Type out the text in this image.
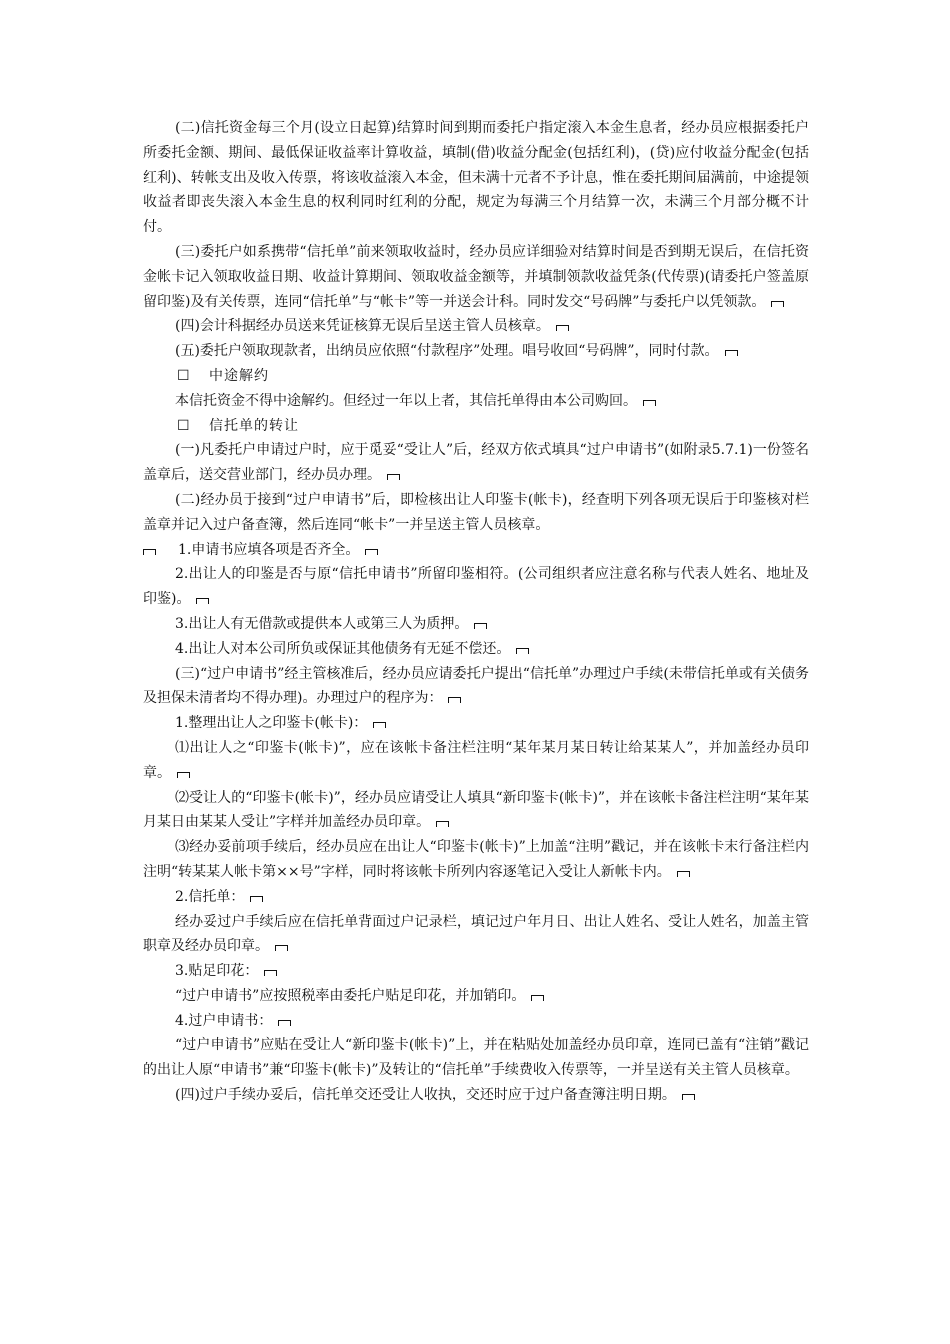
(二)信托资金每三个月(设立日起算)结算时间到期而委托户指定滚入本金生息者，经办员应根据委托户所委托金额、期间、最低保证收益率计算收益，填制(借)收益分配金(包括红利)，(贷)应付收益分配金(包括红利)、转帐支出及收入传票，将该收益滚入本金，但未满十元者不予计息，惟在委托期间届满前，中途提领收益者即丧失滚入本金生息的权利同时红利的分配，规定为每满三个月结算一次，未满三个月部分概不计付。

(三)委托户如系携带“信托单”前来领取收益时，经办员应详细验对结算时间是否到期无误后，在信托资金帐卡记入领取收益日期、收益计算期间、领取收益金额等，并填制领款收益凭条(代传票)(请委托户签盖原留印鉴)及有关传票，连同“信托单”与“帐卡”等一并送会计科。同时发交“号码牌”与委托户以凭领款。

(四)会计科据经办员送来凭证核算无误后呈送主管人员核章。

(五)委托户领取现款者，出纳员应依照“付款程序”处理。唱号收回“号码牌”，同时付款。

☐ 中途解约

本信托资金不得中途解约。但经过一年以上者，其信托单得由本公司购回。

☐ 信托单的转让

(一)凡委托户申请过户时，应于觅妥“受让人”后，经双方依式填具“过户申请书”(如附录5.7.1)一份签名盖章后，送交营业部门，经办员办理。

(二)经办员于接到“过户申请书”后，即检核出让人印鉴卡(帐卡)，经查明下列各项无误后于印鉴核对栏盖章并记入过户备查簿，然后连同“帐卡”一并呈送主管人员核章。

1.申请书应填各项是否齐全。

2.出让人的印鉴是否与原“信托申请书”所留印鉴相符。(公司组织者应注意名称与代表人姓名、地址及印鉴)。

3.出让人有无借款或提供本人或第三人为质押。

4.出让人对本公司所负或保证其他债务有无延不偿还。

(三)“过户申请书”经主管核准后，经办员应请委托户提出“信托单”办理过户手续(未带信托单或有关债务及担保未清者均不得办理)。办理过户的程序为：

1.整理出让人之印鉴卡(帐卡)：

⑴出让人之“印鉴卡(帐卡)”，应在该帐卡备注栏注明“某年某月某日转让给某某人”，并加盖经办员印章。

⑵受让人的“印鉴卡(帐卡)”，经办员应请受让人填具“新印鉴卡(帐卡)”，并在该帐卡备注栏注明“某年某月某日由某某人受让”字样并加盖经办员印章。

⑶经办妥前项手续后，经办员应在出让人“印鉴卡(帐卡)”上加盖“注明”戳记，并在该帐卡末行备注栏内注明“转某某人帐卡第××号”字样，同时将该帐卡所列内容逐笔记入受让人新帐卡内。

2.信托单：

经办妥过户手续后应在信托单背面过户记录栏，填记过户年月日、出让人姓名、受让人姓名，加盖主管职章及经办员印章。

3.贴足印花：

“过户申请书”应按照税率由委托户贴足印花，并加销印。

4.过户申请书：

“过户申请书”应贴在受让人“新印鉴卡(帐卡)”上，并在粘贴处加盖经办员印章，连同已盖有“注销”戳记的出让人原“申请书”兼“印鉴卡(帐卡)”及转让的“信托单”手续费收入传票等，一并呈送有关主管人员核章。

(四)过户手续办妥后，信托单交还受让人收执，交还时应于过户备查簿注明日期。
